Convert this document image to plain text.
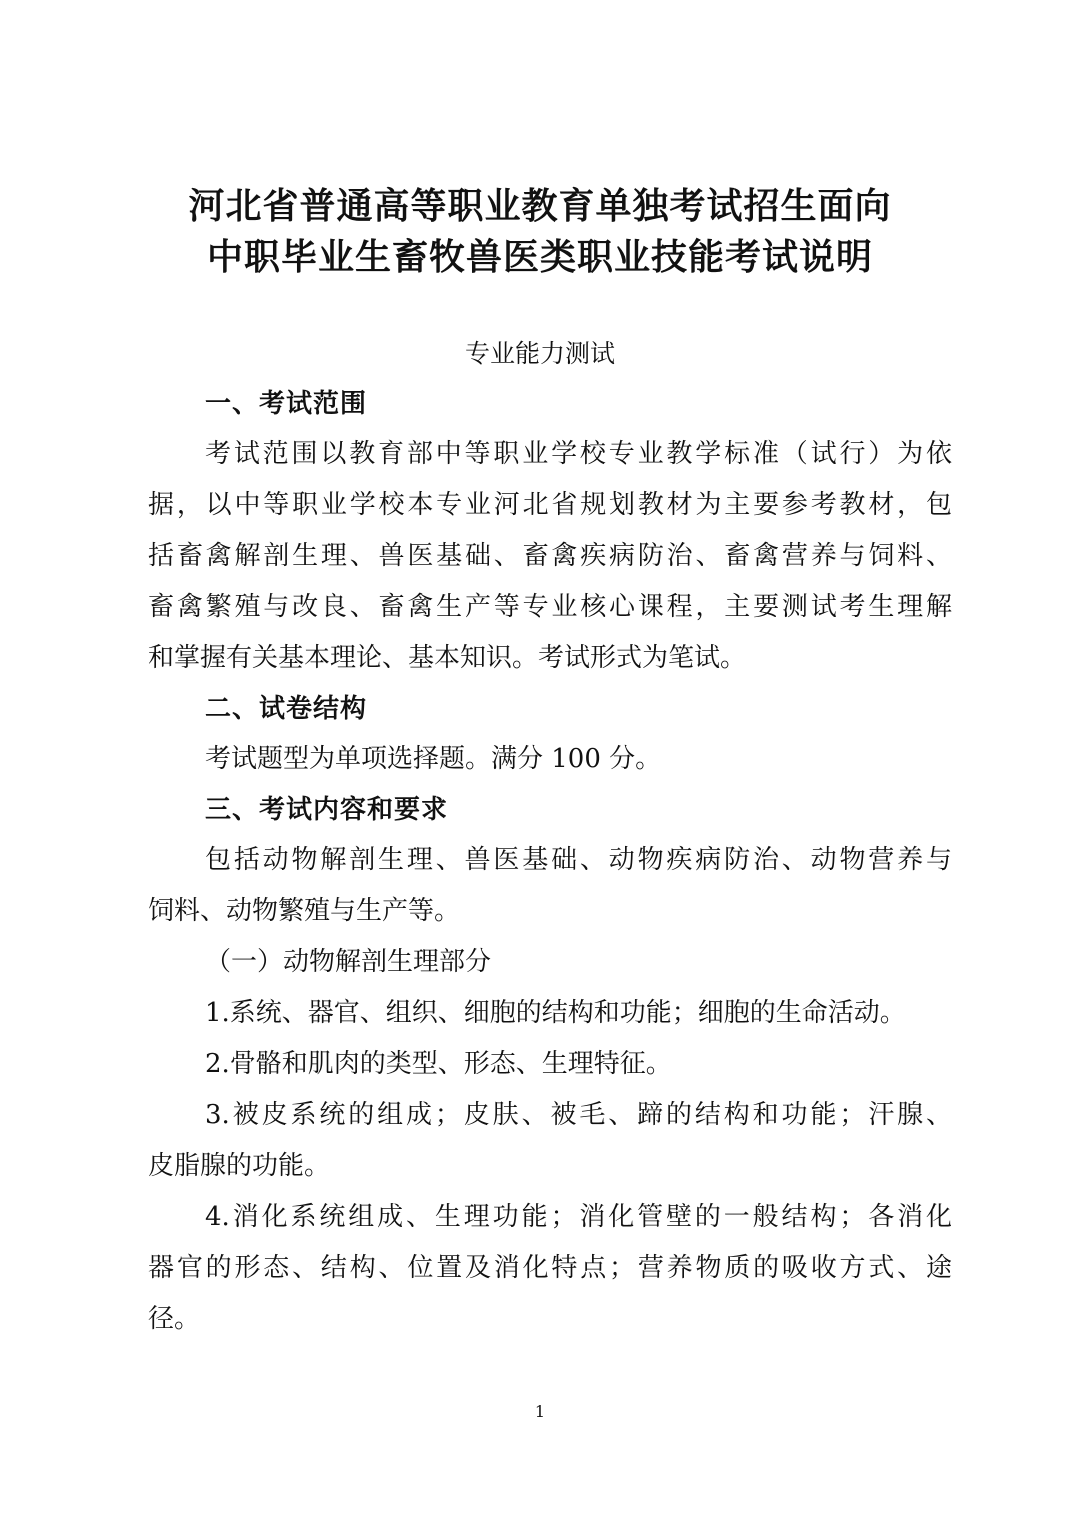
河北省普通高等职业教育单独考试招生面向
中职毕业生畜牧兽医类职业技能考试说明
专业能力测试
一、考试范围
考试范围以教育部中等职业学校专业教学标准（试行）为依
据，以中等职业学校本专业河北省规划教材为主要参考教材，包
括畜禽解剖生理、兽医基础、畜禽疾病防治、畜禽营养与饲料、
畜禽繁殖与改良、畜禽生产等专业核心课程，主要测试考生理解
和掌握有关基本理论、基本知识。考试形式为笔试。
二、试卷结构
考试题型为单项选择题。满分 100 分。
三、考试内容和要求
包括动物解剖生理、兽医基础、动物疾病防治、动物营养与
饲料、动物繁殖与生产等。
（一）动物解剖生理部分
1.系统、器官、组织、细胞的结构和功能；细胞的生命活动。
2.骨骼和肌肉的类型、形态、生理特征。
3.被皮系统的组成；皮肤、被毛、蹄的结构和功能；汗腺、
皮脂腺的功能。
4.消化系统组成、生理功能；消化管壁的一般结构；各消化
器官的形态、结构、位置及消化特点；营养物质的吸收方式、途
径。
1
